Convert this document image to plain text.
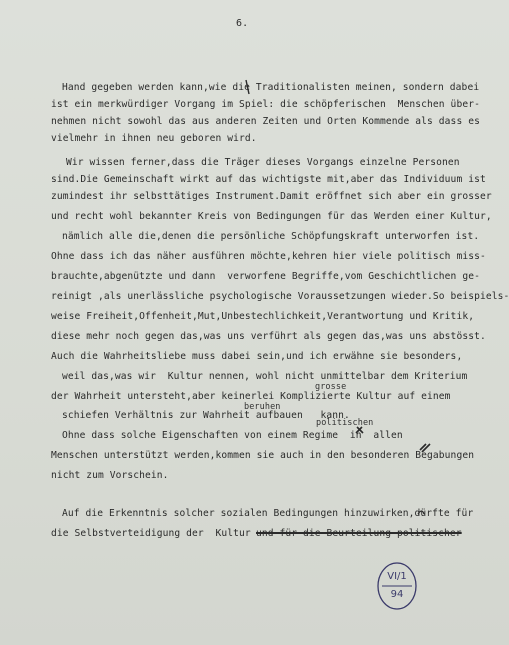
6.
Hand gegeben werden kann,wie die Traditionalisten meinen, sondern dabei
ist ein merkwürdiger Vorgang im Spiel: die schöpferischen  Menschen über-
nehmen nicht sowohl das aus anderen Zeiten und Orten Kommende als dass es
vielmehr in ihnen neu geboren wird.
Wir wissen ferner,dass die Träger dieses Vorgangs einzelne Personen
sind.Die Gemeinschaft wirkt auf das wichtigste mit,aber das Individuum ist
zumindest ihr selbsttätiges Instrument.Damit eröffnet sich aber ein grosser
und recht wohl bekannter Kreis von Bedingungen für das Werden einer Kultur,
nämlich alle die,denen die persönliche Schöpfungskraft unterworfen ist.
Ohne dass ich das näher ausführen möchte,kehren hier viele politisch miss-
brauchte,abgenützte und dann  verworfene Begriffe,vom Geschichtlichen ge-
reinigt ,als unerlässliche psychologische Voraussetzungen wieder.So beispiels-
weise Freiheit,Offenheit,Mut,Unbestechlichkeit,Verantwortung und Kritik,
diese mehr noch gegen das,was uns verführt als gegen das,was uns abstösst.
Auch die Wahrheitsliebe muss dabei sein,und ich erwähne sie besonders,
weil das,was wir  Kultur nennen, wohl nicht unmittelbar dem Kriterium
grosse
der Wahrheit untersteht,aber keinerlei Komplizierte Kultur auf einem
beruhen
schiefen Verhältnis zur Wahrheit aufbauen   kann.
politischen
Ohne dass solche Eigenschaften von einem Regime  in  allen
Menschen unterstützt werden,kommen sie auch in den besonderen Begabungen
nicht zum Vorschein.
Auf die Erkenntnis solcher sozialen Bedingungen hinzuwirken,dürfte für
die Selbstverteidigung der  Kultur und für die Beurteilung politischer
VI/1
94
